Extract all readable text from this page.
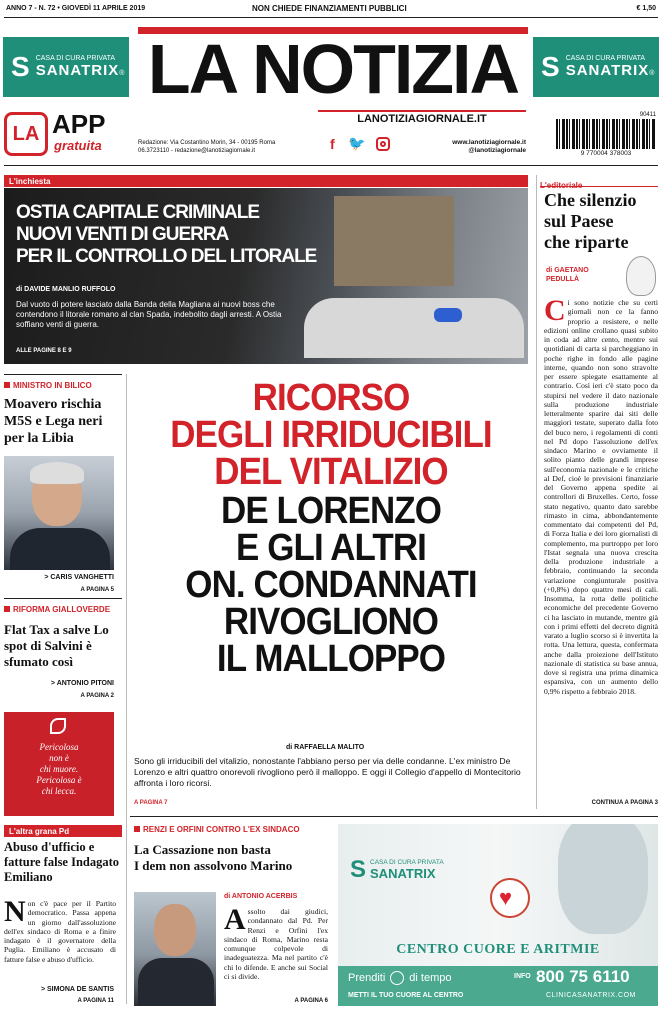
ANNO 7 - N. 72 • GIOVEDÌ 11 APRILE 2019	NON CHIEDE FINANZIAMENTI PUBBLICI	€ 1,50
S CASA DI CURA PRIVATA
SANATRIX® LA NOTIZIA
LANOTIZIAGIORNALE.IT
S CASA DI CURA PRIVATA
SANATRIX®
LA APP
gratuita	Redazione: Via Costantino Morin, 34 - 00195 Roma
06.3723110 - redazione@lanotiziagiornale.it	f 🐦	www.lanotiziagiornale.it
@lanotiziagiornale
90411
9 770004 378003
L'inchiesta
OSTIA CAPITALE CRIMINALE
NUOVI VENTI DI GUERRA
PER IL CONTROLLO DEL LITORALE
di DAVIDE MANLIO RUFFOLO
Dal vuoto di potere lasciato dalla Banda della Magliana ai nuovi boss che contendono il litorale romano al clan Spada, indebolito dagli arresti. A Ostia soffiano venti di guerra.
ALLE PAGINE 8 E 9
L'editoriale
Che silenzio
sul Paese
che riparte
di GAETANO PEDULLÀ
Ci sono notizie che su certi giornali non ce la fanno proprio a resistere, e nelle edizioni online crollano quasi subito in coda ad altre cento, mentre sui quotidiani di carta si parcheggiano in poche righe in fondo alle pagine interne, quando non sono stravolte per essere spiegate esattamente al contrario. Così ieri c'è stato poco da stupirsi nel vedere il dato nazionale sulla produzione industriale letteralmente sparire dai siti delle maggiori testate, superato dalla foto del buco nero, i regolamenti di conti nel Pd dopo l'assoluzione dell'ex sindaco Marino e ovviamente il solito pianto delle grandi imprese sull'economia nazionale e le critiche al Def, cioè le previsioni finanziarie del Governo appena spedite ai controllori di Bruxelles. Certo, fosse stato negativo, quanto dato sarebbe rimasto in cima, abbondantemente commentato dai competenti del Pd, di Forza Italia e dei loro giornalisti di complemento, ma purtroppo per loro l'Istat segnala una nuova crescita della produzione industriale a febbraio, continuando la seconda variazione congiunturale positiva (+0,8%) dopo quattro mesi di cali. Insomma, la rotta delle politiche economiche del precedente Governo ci ha lasciato in mutande, mentre già con i primi effetti del decreto dignità varato a luglio scorso si è invertita la rotta. Una lettura, questa, confermata anche dalla proiezione dell'Istituto nazionale di statistica su base annua, dove si registra una prima dinamica espansiva, con un aumento dello 0,9% rispetto a febbraio 2018.
CONTINUA A PAGINA 3
MINISTRO IN BILICO
Moavero rischia M5S e Lega neri per la Libia
> CARIS VANGHETTI
A PAGINA 5
RIFORMA GIALLOVERDE
Flat Tax a salve Lo spot di Salvini è sfumato così
> ANTONIO PITONI
A PAGINA 2
Pericolosa
non è
chi muore.
Pericolosa è
chi lecca.
L'altra grana Pd
Abuso d'ufficio e fatture false Indagato Emiliano
Non c'è pace per il Partito democratico. Passa appena un giorno dall'assoluzione dell'ex sindaco di Roma e a finire indagato è il governatore della Puglia. Emiliano è accusato di fatture false e abuso d'ufficio.
> SIMONA DE SANTIS
A PAGINA 11
RICORSO
DEGLI IRRIDUCIBILI
DEL VITALIZIO
DE LORENZO
E GLI ALTRI
ON. CONDANNATI
RIVOGLIONO
IL MALLOPPO
di RAFFAELLA MALITO
Sono gli irriducibili del vitalizio, nonostante l'abbiano perso per via delle condanne. L'ex ministro De Lorenzo e altri quattro onorevoli rivogliono però il malloppo. E oggi il Collegio d'appello di Montecitorio affronta i loro ricorsi.
A PAGINA 7
RENZI E ORFINI CONTRO L'EX SINDACO
La Cassazione non basta
I dem non assolvono Marino
di ANTONIO ACERBIS
Assolto dai giudici, condannato dal Pd. Per Renzi e Orfini l'ex sindaco di Roma, Marino resta comunque colpevole di inadeguatezza. Ma nel partito c'è chi lo difende. E anche sui Social ci si divide.
A PAGINA 6
♥
S CASA DI CURA PRIVATA
SANATRIX
CENTRO CUORE E ARITMIE
Prenditi di tempo	INFO 800 75 6110
METTI IL TUO CUORE AL CENTRO	CLINICASANATRIX.COM
